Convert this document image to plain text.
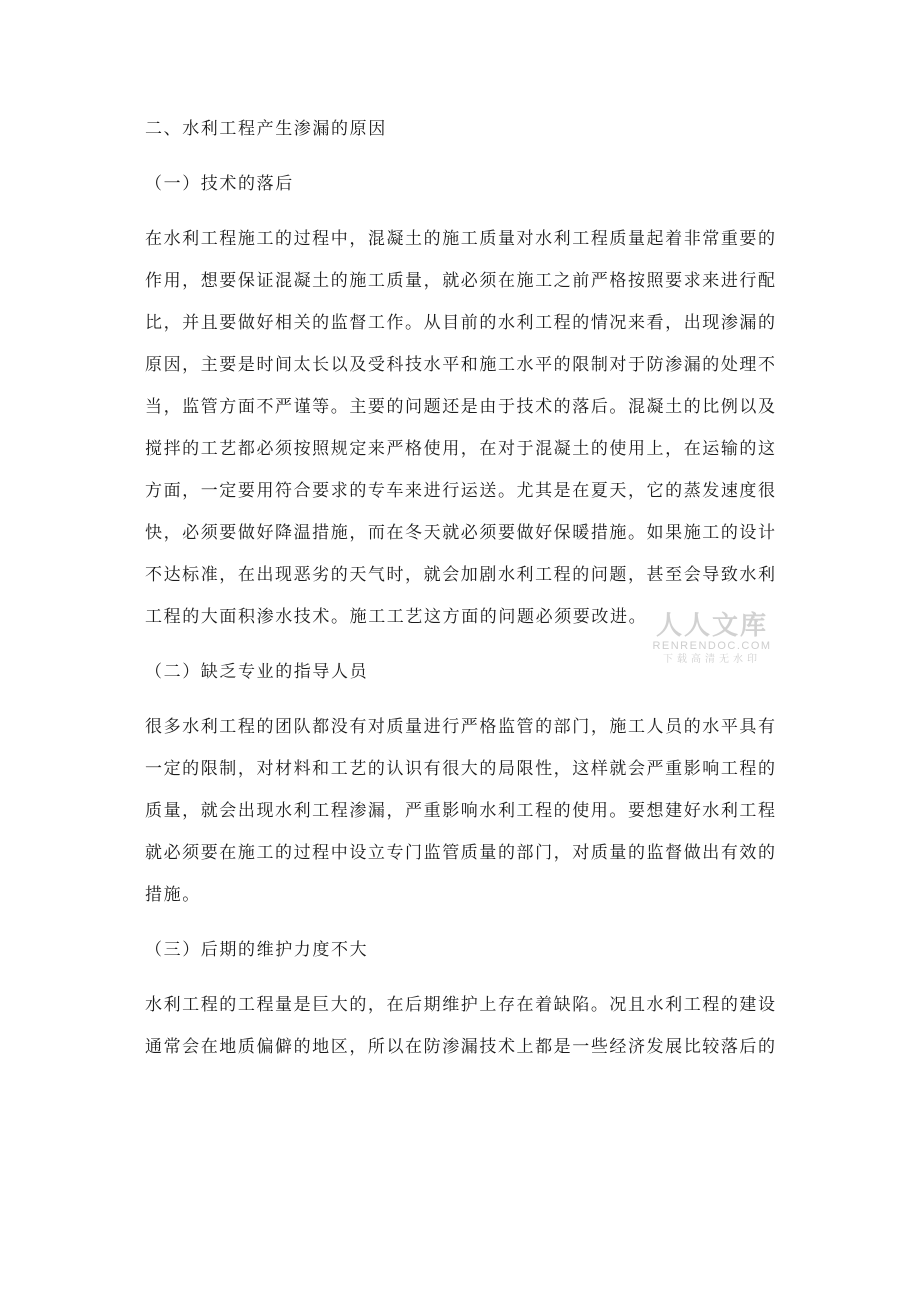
二、水利工程产生渗漏的原因
（一）技术的落后
在水利工程施工的过程中，混凝土的施工质量对水利工程质量起着非常重要的
作用，想要保证混凝土的施工质量，就必须在施工之前严格按照要求来进行配
比，并且要做好相关的监督工作。从目前的水利工程的情况来看，出现渗漏的
原因，主要是时间太长以及受科技水平和施工水平的限制对于防渗漏的处理不
当，监管方面不严谨等。主要的问题还是由于技术的落后。混凝土的比例以及
搅拌的工艺都必须按照规定来严格使用，在对于混凝土的使用上，在运输的这
方面，一定要用符合要求的专车来进行运送。尤其是在夏天，它的蒸发速度很
快，必须要做好降温措施，而在冬天就必须要做好保暖措施。如果施工的设计
不达标准，在出现恶劣的天气时，就会加剧水利工程的问题，甚至会导致水利
工程的大面积渗水技术。施工工艺这方面的问题必须要改进。
（二）缺乏专业的指导人员
很多水利工程的团队都没有对质量进行严格监管的部门，施工人员的水平具有
一定的限制，对材料和工艺的认识有很大的局限性，这样就会严重影响工程的
质量，就会出现水利工程渗漏，严重影响水利工程的使用。要想建好水利工程
就必须要在施工的过程中设立专门监管质量的部门，对质量的监督做出有效的
措施。
（三）后期的维护力度不大
水利工程的工程量是巨大的，在后期维护上存在着缺陷。况且水利工程的建设
通常会在地质偏僻的地区，所以在防渗漏技术上都是一些经济发展比较落后的
人人文库
RENRENDOC.COM
下载高清无水印
